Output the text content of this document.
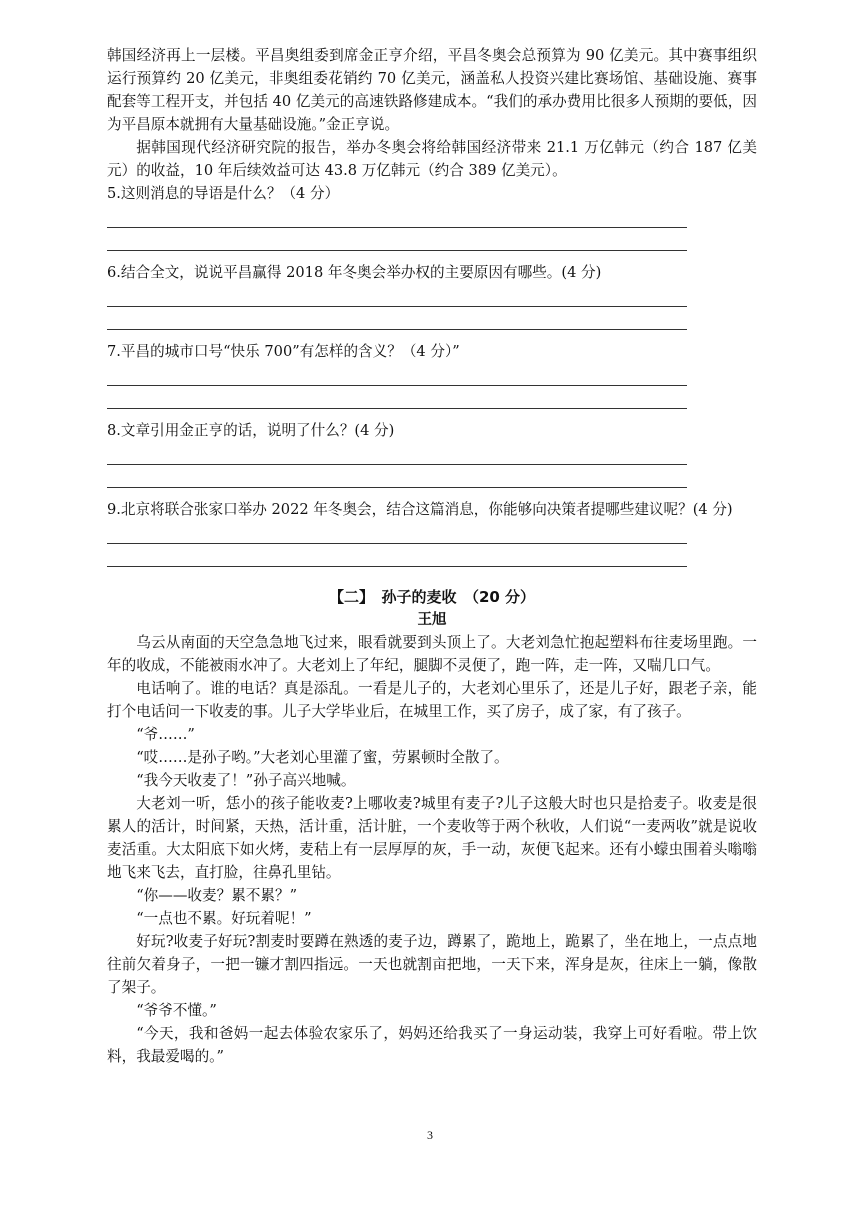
韩国经济再上一层楼。平昌奥组委到席金正亨介绍，平昌冬奥会总预算为 90 亿美元。其中赛事组织运行预算约 20 亿美元，非奥组委花销约 70 亿美元，涵盖私人投资兴建比赛场馆、基础设施、赛事配套等工程开支，并包括 40 亿美元的高速铁路修建成本。“我们的承办费用比很多人预期的要低，因为平昌原本就拥有大量基础设施。”金正亨说。

据韩国现代经济研究院的报告，举办冬奥会将给韩国经济带来 21.1 万亿韩元（约合 187 亿美元）的收益，10 年后续效益可达 43.8 万亿韩元（约合 389 亿美元）。

5.这则消息的导语是什么？（4 分）

6.结合全文，说说平昌赢得 2018 年冬奥会举办权的主要原因有哪些。(4 分)

7.平昌的城市口号“快乐 700”有怎样的含义？（4 分）”

8.文章引用金正亨的话，说明了什么？(4 分)

9.北京将联合张家口举办 2022 年冬奥会，结合这篇消息，你能够向决策者提哪些建议呢？(4 分)

【二】　孙子的麦收　（20 分）
王旭

乌云从南面的天空急急地飞过来，眼看就要到头顶上了。大老刘急忙抱起塑料布往麦场里跑。一年的收成，不能被雨水冲了。大老刘上了年纪，腿脚不灵便了，跑一阵，走一阵，又喘几口气。

电话响了。谁的电话？真是添乱。一看是儿子的，大老刘心里乐了，还是儿子好，跟老子亲，能打个电话问一下收麦的事。儿子大学毕业后，在城里工作，买了房子，成了家，有了孩子。

“爷……”

“哎……是孙子哟。”大老刘心里灌了蜜，劳累顿时全散了。

“我今天收麦了！”孙子高兴地喊。

大老刘一听，恁小的孩子能收麦?上哪收麦?城里有麦子?儿子这般大时也只是拾麦子。收麦是很累人的活计，时间紧，天热，活计重，活计脏，一个麦收等于两个秋收，人们说“一麦两收”就是说收麦活重。大太阳底下如火烤，麦秸上有一层厚厚的灰，手一动，灰便飞起来。还有小蠓虫围着头嗡嗡地飞来飞去，直打脸，往鼻孔里钻。

“你——收麦？累不累？”

“一点也不累。好玩着呢！”

好玩?收麦子好玩?割麦时要蹲在熟透的麦子边，蹲累了，跪地上，跪累了，坐在地上，一点点地往前欠着身子，一把一镰才割四指远。一天也就割亩把地，一天下来，浑身是灰，往床上一躺，像散了架子。

“爷爷不懂。”

“今天，我和爸妈一起去体验农家乐了，妈妈还给我买了一身运动装，我穿上可好看啦。带上饮料，我最爱喝的。”

3
